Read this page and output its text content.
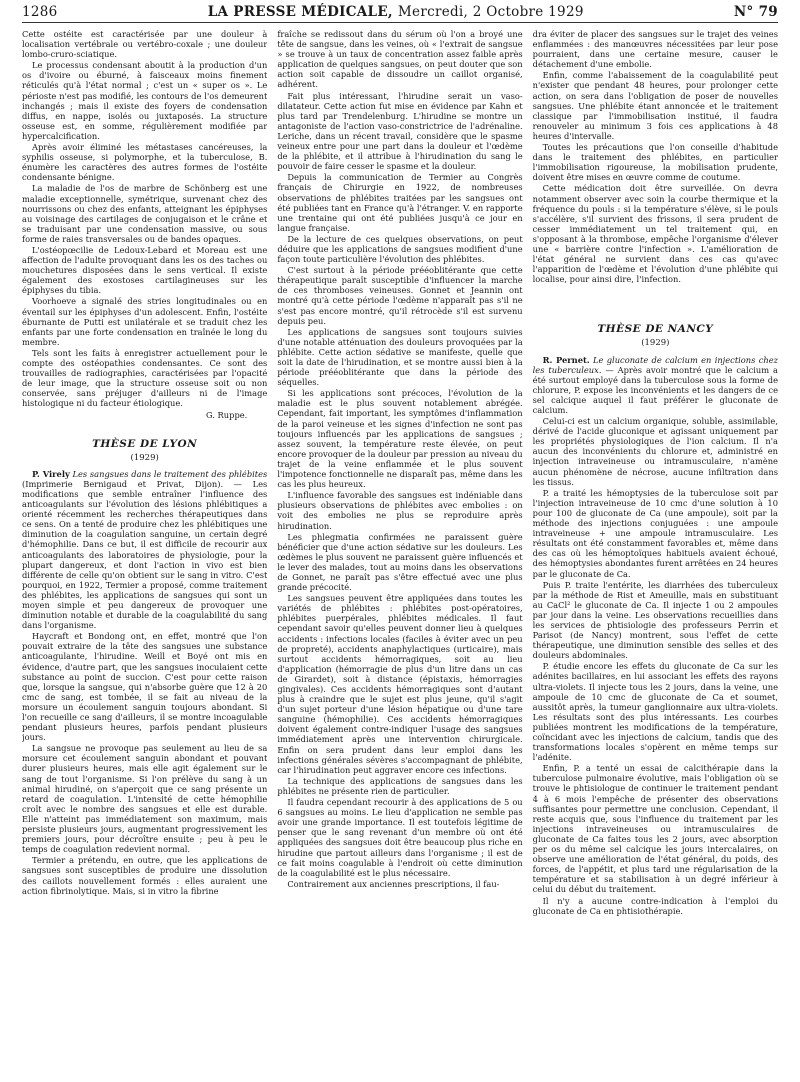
1286	LA PRESSE MÉDICALE, Mercredi, 2 Octobre 1929	N° 79

Cette ostéite est caractérisée par une douleur à localisation vertébrale ou vertébro-coxale ; une douleur lombo-cruro-sciatique.

Le processus condensant aboutit à la production d'un os d'ivoire ou éburné, à faisceaux moins finement réticulés qu'à l'état normal ; c'est un « super os ». Le périoste n'est pas modifié, les contours de l'os demeurent inchangés ; mais il existe des foyers de condensation diffus, en nappe, isolés ou juxtaposés. La structure osseuse est, en somme, régulièrement modifiée par hypercalcification.

Après avoir éliminé les métastases cancéreuses, la syphilis osseuse, si polymorphe, et la tuberculose, B. énumère les caractères des autres formes de l'ostéite condensante bénigne.

La maladie de l'os de marbre de Schönberg est une maladie exceptionnelle, symétrique, survenant chez des nourrissons ou chez des enfants, atteignant les épiphyses au voisinage des cartilages de conjugaison et le crâne et se traduisant par une condensation massive, ou sous forme de raies transversales ou de bandes opaques.

L'ostéopœcilie de Ledoux-Lebard et Moreau est une affection de l'adulte provoquant dans les os des taches ou mouchetures disposées dans le sens vertical. Il existe également des exostoses cartilagineuses sur les épiphyses du tibia.

Voorhoeve a signalé des stries longitudinales ou en éventail sur les épiphyses d'un adolescent. Enfin, l'ostéite éburnante de Putti est unilatérale et se traduit chez les enfants par une forte condensation en traînée le long du membre.

Tels sont les faits à enregistrer actuellement pour le compte des ostéopathies condensantes. Ce sont des trouvailles de radiographies, caractérisées par l'opacité de leur image, que la structure osseuse soit ou non conservée, sans préjuger d'ailleurs ni de l'image histologique ni du facteur étiologique.

G. Ruppe.
THÈSE DE LYON
(1929)

P. Virely Les sangsues dans le traitement des phlébites (Imprimerie Bernigaud et Privat, Dijon). — Les modifications que semble entraîner l'influence des anticoagulants sur l'évolution des lésions phlébitiques a orienté récemment les recherches thérapeutiques dans ce sens. On a tenté de produire chez les phlébitiques une diminution de la coagulation sanguine, un certain degré d'hémophilie. Dans ce but, il est difficile de recourir aux anticoagulants des laboratoires de physiologie, pour la plupart dangereux, et dont l'action in vivo est bien différente de celle qu'on obtient sur le sang in vitro. C'est pourquoi, en 1922, Termier a proposé, comme traitement des phlébites, les applications de sangsues qui sont un moyen simple et peu dangereux de provoquer une diminution notable et durable de la coagulabilité du sang dans l'organisme.

Haycraft et Bondong ont, en effet, montré que l'on pouvait extraire de la tête des sangsues une substance anticoagulante, l'hirudine. Weill et Boyé ont mis en évidence, d'autre part, que les sangsues inoculaient cette substance au point de succion. C'est pour cette raison que, lorsque la sangsue, qui n'absorbe guère que 12 à 20 cmc de sang, est tombée, il se fait au niveau de la morsure un écoulement sanguin toujours abondant. Si l'on recueille ce sang d'ailleurs, il se montre incoagulable pendant plusieurs heures, parfois pendant plusieurs jours.

La sangsue ne provoque pas seulement au lieu de sa morsure cet écoulement sanguin abondant et pouvant durer plusieurs heures, mais elle agit également sur le sang de tout l'organisme. Si l'on prélève du sang à un animal hirudiné, on s'aperçoit que ce sang présente un retard de coagulation. L'intensité de cette hémophilie croît avec le nombre des sangsues et elle est durable. Elle n'atteint pas immédiatement son maximum, mais persiste plusieurs jours, augmentant progressivement les premiers jours, pour décroître ensuite ; peu à peu le temps de coagulation redevient normal.

Termier a prétendu, en outre, que les applications de sangsues sont susceptibles de produire une dissolution des caillots nouvellement formés : elles auraient une action fibrinolytique. Mais, si in vitro la fibrine

fraîche se redissout dans du sérum où l'on a broyé une tête de sangsue, dans les veines, où « l'extrait de sangsue » se trouve à un taux de concentration assez faible après application de quelques sangsues, on peut douter que son action soit capable de dissoudre un caillot organisé, adhérent.

Fait plus intéressant, l'hirudine serait un vaso-dilatateur. Cette action fut mise en évidence par Kahn et plus tard par Trendelenburg. L'hirudine se montre un antagoniste de l'action vaso-constrictrice de l'adrénaline. Leriche, dans un récent travail, considère que le spasme veineux entre pour une part dans la douleur et l'œdème de la phlébite, et il attribue à l'hirudination du sang le pouvoir de faire cesser le spasme et la douleur.

Depuis la communication de Termier au Congrès français de Chirurgie en 1922, de nombreuses observations de phlébites traitées par les sangsues ont été publiées tant en France qu'à l'étranger. V. en rapporte une trentaine qui ont été publiées jusqu'à ce jour en langue française.

De la lecture de ces quelques observations, on peut déduire que les applications de sangsues modifient d'une façon toute particulière l'évolution des phlébites.

C'est surtout à la période prééoblitérante que cette thérapeutique paraît susceptible d'influencer la marche de ces thromboses veineuses. Gonnet et Jeannin ont montré qu'à cette période l'œdème n'apparaît pas s'il ne s'est pas encore montré, qu'il rétrocède s'il est survenu depuis peu.

Les applications de sangsues sont toujours suivies d'une notable atténuation des douleurs provoquées par la phlébite. Cette action sédative se manifeste, quelle que soit la date de l'hirudination, et se montre aussi bien à la période prééoblitérante que dans la période des séquelles.

Si les applications sont précoces, l'évolution de la maladie est le plus souvent notablement abrégée. Cependant, fait important, les symptômes d'inflammation de la paroi veineuse et les signes d'infection ne sont pas toujours influencés par les applications de sangsues ; assez souvent, la température reste élevée, on peut encore provoquer de la douleur par pression au niveau du trajet de la veine enflammée et le plus souvent l'impotence fonctionnelle ne disparaît pas, même dans les cas les plus heureux.

L'influence favorable des sangsues est indéniable dans plusieurs observations de phlébites avec embolies : on voit des embolies ne plus se reproduire après hirudination.

Les phlegmatia confirmées ne paraissent guère bénéficier que d'une action sédative sur les douleurs. Les œdèmes le plus souvent ne paraissent guère influencés et le lever des malades, tout au moins dans les observations de Gonnet, ne paraît pas s'être effectué avec une plus grande précocité.

Les sangsues peuvent être appliquées dans toutes les variétés de phlébites : phlébites post-opératoires, phlébites puerpérales, phlébites médicales. Il faut cependant savoir qu'elles peuvent donner lieu à quelques accidents : infections locales (faciles à éviter avec un peu de propreté), accidents anaphylactiques (urticaire), mais surtout accidents hémorragiques, soit au lieu d'application (hémorragie de plus d'un litre dans un cas de Girardet), soit à distance (épistaxis, hémorragies gingivales). Ces accidents hémorragiques sont d'autant plus à craindre que le sujet est plus jeune, qu'il s'agit d'un sujet porteur d'une lésion hépatique ou d'une tare sanguine (hémophilie). Ces accidents hémorragiques doivent également contre-indiquer l'usage des sangsues immédiatement après une intervention chirurgicale. Enfin on sera prudent dans leur emploi dans les infections générales sévères s'accompagnant de phlébite, car l'hirudination peut aggraver encore ces infections.

La technique des applications de sangsues dans les phlébites ne présente rien de particulier.

Il faudra cependant recourir à des applications de 5 ou 6 sangsues au moins. Le lieu d'application ne semble pas avoir une grande importance. Il est toutefois légitime de penser que le sang revenant d'un membre où ont été appliquées des sangsues doit être beaucoup plus riche en hirudine que partout ailleurs dans l'organisme ; il est de ce fait moins coagulable à l'endroit où cette diminution de la coagulabilité est le plus nécessaire.

Contrairement aux anciennes prescriptions, il fau-

dra éviter de placer des sangsues sur le trajet des veines enflammées : des manœuvres nécessitées par leur pose pourraient, dans une certaine mesure, causer le détachement d'une embolie.

Enfin, comme l'abaissement de la coagulabilité peut n'exister que pendant 48 heures, pour prolonger cette action, on sera dans l'obligation de poser de nouvelles sangsues. Une phlébite étant annoncée et le traitement classique par l'immobilisation institué, il faudra renouveler au minimum 3 fois ces applications à 48 heures d'intervalle.

Toutes les précautions que l'on conseille d'habitude dans le traitement des phlébites, en particulier l'immobilisation rigoureuse, la mobilisation prudente, doivent être mises en œuvre comme de coutume.

Cette médication doit être surveillée. On devra notamment observer avec soin la courbe thermique et la fréquence du pouls : si la température s'élève, si le pouls s'accélère, s'il survient des frissons, il sera prudent de cesser immédiatement un tel traitement qui, en s'opposant à la thrombose, empêche l'organisme d'élever une « barrière contre l'infection ». L'amélioration de l'état général ne survient dans ces cas qu'avec l'apparition de l'œdème et l'évolution d'une phlébite qui localise, pour ainsi dire, l'infection.

THÈSE DE NANCY
(1929)

R. Pernet. Le gluconate de calcium en injections chez les tuberculeux. — Après avoir montré que le calcium a été surtout employé dans la tuberculose sous la forme de chlorure, P. expose les inconvénients et les dangers de ce sel calcique auquel il faut préférer le gluconate de calcium.

Celui-ci est un calcium organique, soluble, assimilable, dérivé de l'acide gluconique et agissant uniquement par les propriétés physiologiques de l'ion calcium. Il n'a aucun des inconvénients du chlorure et, administré en injection intraveineuse ou intramusculaire, n'amène aucun phénomène de nécrose, aucune infiltration dans les tissus.

P. a traité les hémoptysies de la tuberculose soit par l'injection intraveineuse de 10 cmc d'une solution à 10 pour 100 de gluconate de Ca (une ampoule), soit par la méthode des injections conjuguées : une ampoule intraveineuse + une ampoule intramusculaire. Les résultats ont été constamment favorables et, même dans des cas où les hémoptoïques habituels avaient échoué, des hémoptysies abondantes furent arrêtées en 24 heures par le gluconate de Ca.

Puis P. traite l'entérite, les diarrhées des tuberculeux par la méthode de Rist et Ameuille, mais en substituant au CaCl² le gluconate de Ca. Il injecte 1 ou 2 ampoules par jour dans la veine. Les observations recueillies dans les services de phtisiologie des professeurs Perrin et Parisot (de Nancy) montrent, sous l'effet de cette thérapeutique, une diminution sensible des selles et des douleurs abdominales.

P. étudie encore les effets du gluconate de Ca sur les adénites bacillaires, en lui associant les effets des rayons ultra-violets. Il injecte tous les 2 jours, dans la veine, une ampoule de 10 cmc de gluconate de Ca et soumet, aussitôt après, la tumeur ganglionnaire aux ultra-violets. Les résultats sont des plus intéressants. Les courbes publiées montrent les modifications de la température, coïncidant avec les injections de calcium, tandis que des transformations locales s'opèrent en même temps sur l'adénite.

Enfin, P. a tenté un essai de calcithérapie dans la tuberculose pulmonaire évolutive, mais l'obligation où se trouve le phtisiologue de continuer le traitement pendant 4 à 6 mois l'empêche de présenter des observations suffisantes pour permettre une conclusion. Cependant, il reste acquis que, sous l'influence du traitement par les injections intraveineuses ou intramusculaires de gluconate de Ca faites tous les 2 jours, avec absorption per os du même sel calcique les jours intercalaires, on observe une amélioration de l'état général, du poids, des forces, de l'appétit, et plus tard une régularisation de la température et sa stabilisation à un degré inférieur à celui du début du traitement.

Il n'y a aucune contre-indication à l'emploi du gluconate de Ca en phtisiothérapie.
